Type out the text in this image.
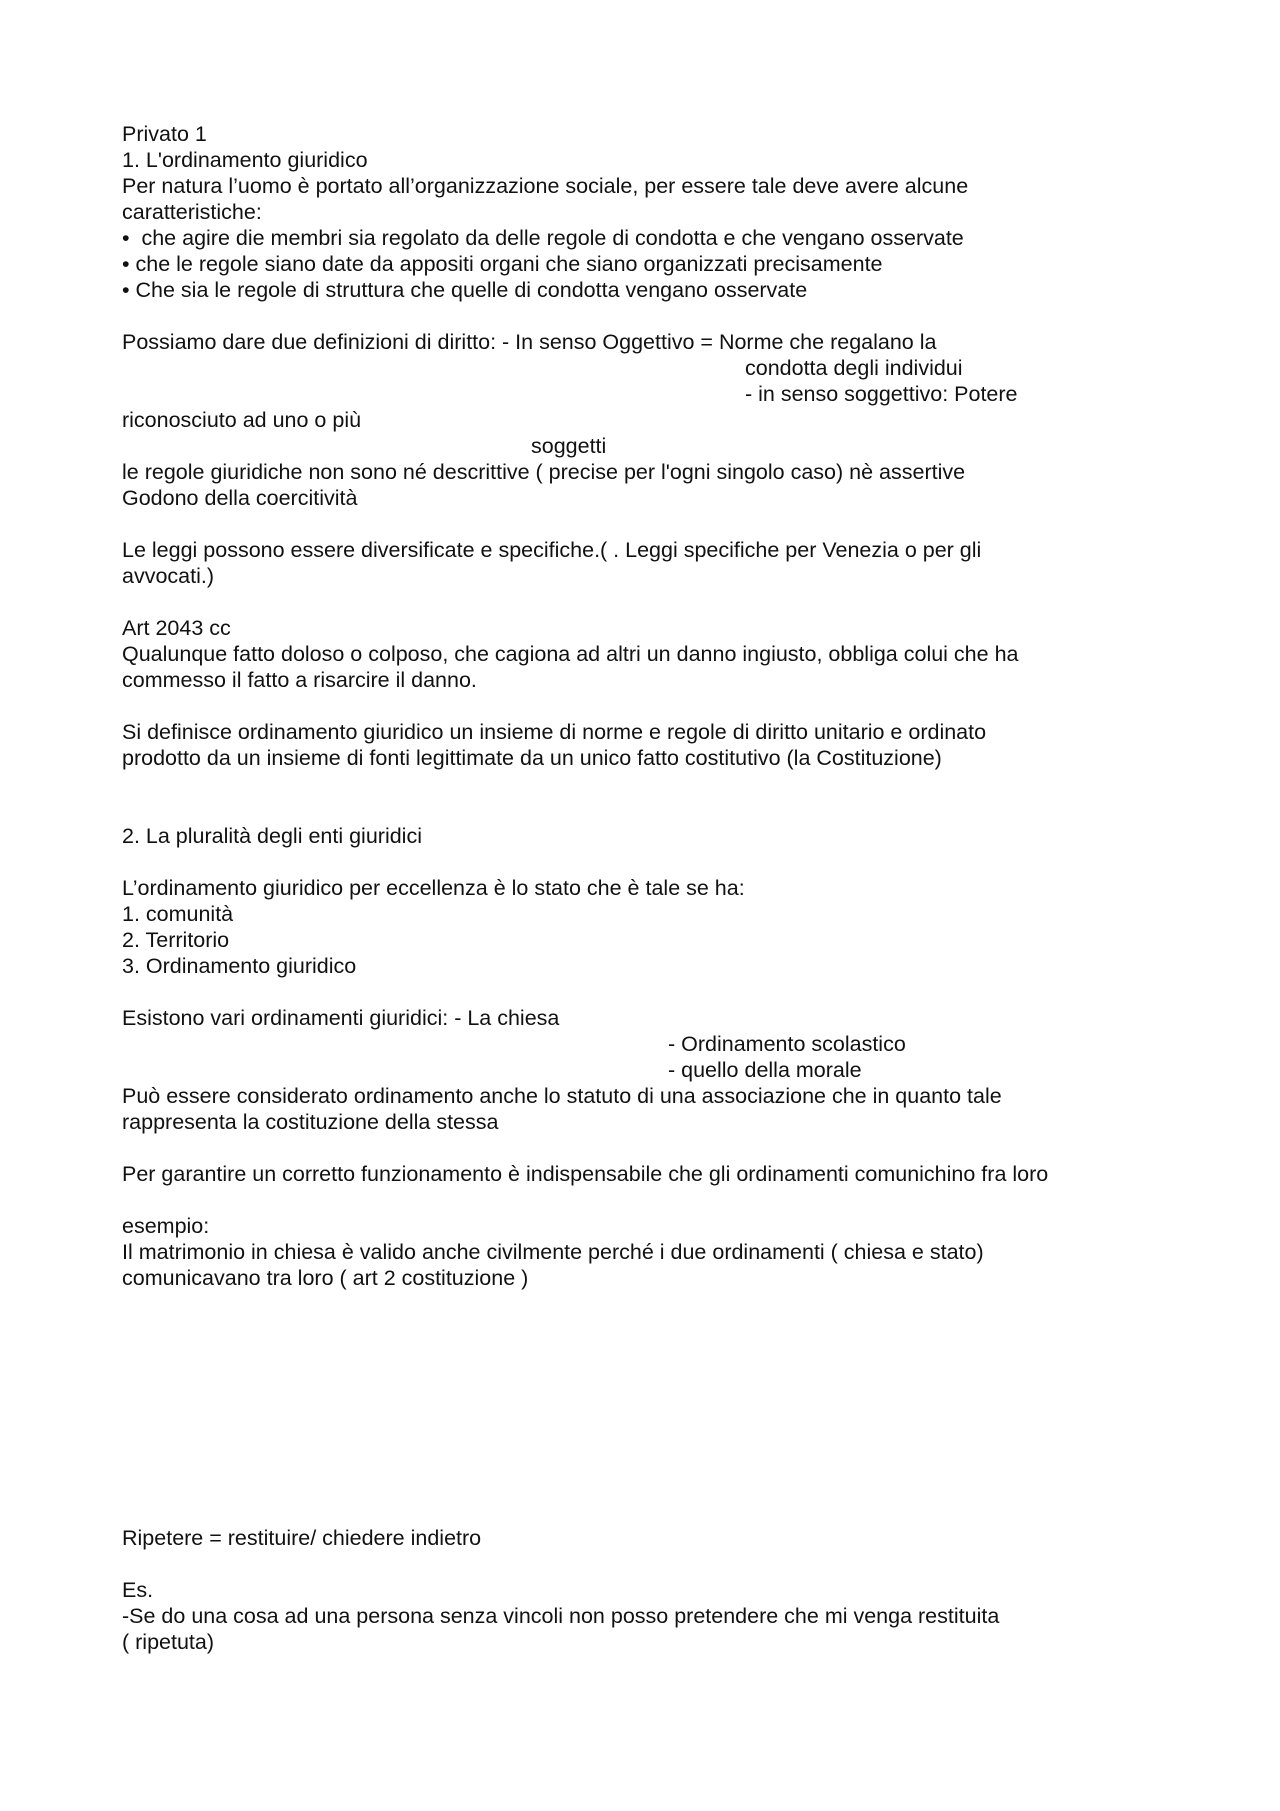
Privato 1
1. L'ordinamento giuridico
Per natura l’uomo è portato all’organizzazione sociale, per essere tale deve avere alcune
caratteristiche:
•  che agire die membri sia regolato da delle regole di condotta e che vengano osservate
• che le regole siano date da appositi organi che siano organizzati precisamente
• Che sia le regole di struttura che quelle di condotta vengano osservate
Possiamo dare due definizioni di diritto: - In senso Oggettivo = Norme che regalano la
condotta degli individui
- in senso soggettivo: Potere
riconosciuto ad uno o più
soggetti
le regole giuridiche non sono né descrittive ( precise per l'ogni singolo caso) nè assertive
Godono della coercitività
Le leggi possono essere diversificate e specifiche.( . Leggi specifiche per Venezia o per gli
avvocati.)
Art 2043 cc
Qualunque fatto doloso o colposo, che cagiona ad altri un danno ingiusto, obbliga colui che ha
commesso il fatto a risarcire il danno.
Si definisce ordinamento giuridico un insieme di norme e regole di diritto unitario e ordinato
prodotto da un insieme di fonti legittimate da un unico fatto costitutivo (la Costituzione)
2. La pluralità degli enti giuridici
L’ordinamento giuridico per eccellenza è lo stato che è tale se ha:
1. comunità
2. Territorio
3. Ordinamento giuridico
Esistono vari ordinamenti giuridici: - La chiesa
- Ordinamento scolastico
- quello della morale
Può essere considerato ordinamento anche lo statuto di una associazione che in quanto tale
rappresenta la costituzione della stessa
Per garantire un corretto funzionamento è indispensabile che gli ordinamenti comunichino fra loro
esempio:
Il matrimonio in chiesa è valido anche civilmente perché i due ordinamenti ( chiesa e stato)
comunicavano tra loro ( art 2 costituzione )
Ripetere = restituire/ chiedere indietro
Es.
-Se do una cosa ad una persona senza vincoli non posso pretendere che mi venga restituita
( ripetuta)
